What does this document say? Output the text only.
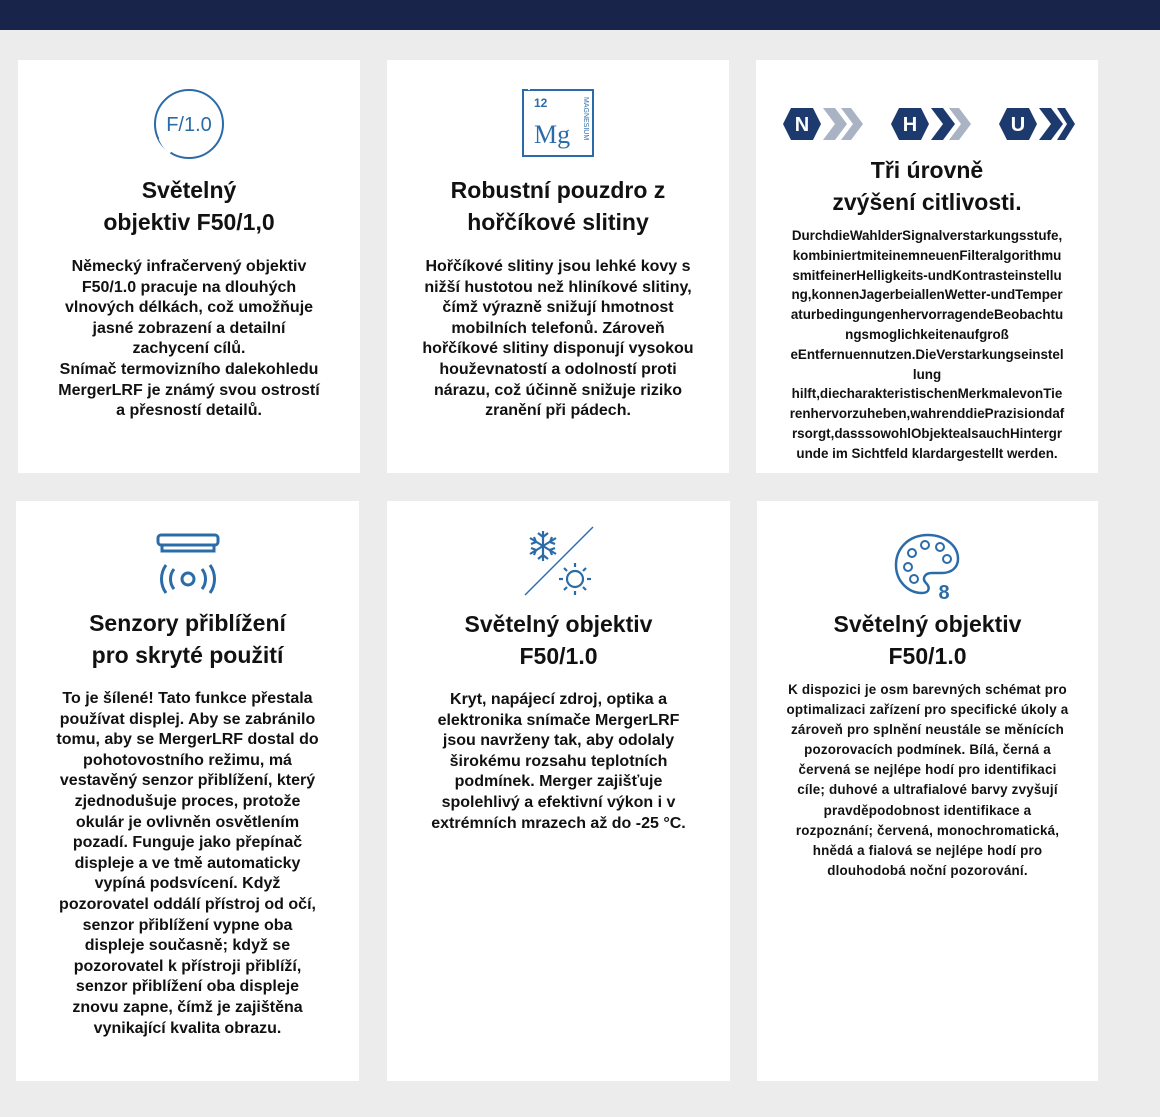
F/1.0
Světelný
objektiv F50/1,0

Německý infračervený objektiv
F50/1.0 pracuje na dlouhých
vlnových délkách, což umožňuje
jasné zobrazení a detailní
zachycení cílů.
Snímač termovizního dalekohledu
MergerLRF je známý svou ostrostí
a přesností detailů.

12
Mg MAGNESIUM
Robustní pouzdro z
hořčíkové slitiny

Hořčíkové slitiny jsou lehké kovy s
nižší hustotou než hliníkové slitiny,
čímž výrazně snižují hmotnost
mobilních telefonů. Zároveň
hořčíkové slitiny disponují vysokou
houževnatostí a odolností proti
nárazu, což účinně snižuje riziko
zranění při pádech.

N	H	U
Tři úrovně
zvýšení citlivosti.

DurchdieWahlderSignalverstarkungsstufe,
kombiniertmiteinemneuenFilteralgorithmu
smitfeinerHelligkeits-undKontrasteinstellu
ng,konnenJagerbeiallenWetter-undTemper
aturbedingungenhervorragendeBeobachtu
ngsmoglichkeitenaufgroß
eEntfernuennutzen.DieVerstarkungseinstel
lung
hilft,diecharakteristischenMerkmalevonTie
renhervorzuheben,wahrenddiePrazisiondaf
rsorgt,dasssowohlObjektealsauchHintergr
unde im Sichtfeld klardargestellt werden.

Senzory přiblížení
pro skryté použití

To je šílené! Tato funkce přestala
používat displej. Aby se zabránilo
tomu, aby se MergerLRF dostal do
pohotovostního režimu, má
vestavěný senzor přiblížení, který
zjednodušuje proces, protože
okulár je ovlivněn osvětlením
pozadí. Funguje jako přepínač
displeje a ve tmě automaticky
vypíná podsvícení. Když
pozorovatel oddálí přístroj od očí,
senzor přiblížení vypne oba
displeje současně; když se
pozorovatel k přístroji přiblíží,
senzor přiblížení oba displeje
znovu zapne, čímž je zajištěna
vynikající kvalita obrazu.

Světelný objektiv
F50/1.0

Kryt, napájecí zdroj, optika a
elektronika snímače MergerLRF
jsou navrženy tak, aby odolaly
širokému rozsahu teplotních
podmínek. Merger zajišťuje
spolehlivý a efektivní výkon i v
extrémních mrazech až do -25 °C.

8
Světelný objektiv
F50/1.0

K dispozici je osm barevných schémat pro
optimalizaci zařízení pro specifické úkoly a
zároveň pro splnění neustále se měnících
pozorovacích podmínek. Bílá, černá a
červená se nejlépe hodí pro identifikaci
cíle; duhové a ultrafialové barvy zvyšují
pravděpodobnost identifikace a
rozpoznání; červená, monochromatická,
hnědá a fialová se nejlépe hodí pro
dlouhodobá noční pozorování.
